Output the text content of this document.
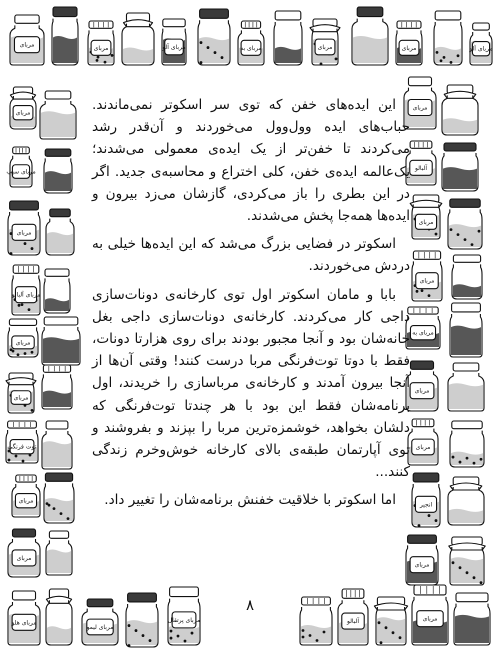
مربای	مربای	مربای آلو	مربای به	مربای	مربای	مربای آلو
مربای
مربای سیب
مربای
مربای آلبالو
مربای
مربای
توت فرنگی
مربای
مربای
مربای
آلبالو
مربای
مربای
مربای به
مربای
مربای
انجیر
مربای
مربای هلو
مربای لیمو
مربای پرتقال	آلبالو	مربای

این ایده‌های خفن که توی سر اسکوتر نمی‌ماندند. حباب‌های ایده وول‌وول می‌خوردند و آن‌قدر رشد می‌کردند تا خفن‌تر از یک ایده‌ی معمولی می‌شدند؛ یک‌عالمه ایده‌ی خفن، کلی اختراع و محاسبه‌ی جدید. اگر در این بطری را باز می‌کردی، گازشان می‌زد بیرون و ایده‌ها همه‌جا پخش می‌شدند.

اسکوتر در فضایی بزرگ می‌شد که این ایده‌ها خیلی به دردش می‌خوردند.

بابا و مامان اسکوتر اول توی کارخانه‌ی دونات‌سازی داجی کار می‌کردند. کارخانه‌ی دونات‌سازی داجی بغل خانه‌شان بود و آنجا مجبور بودند برای روی هزارتا دونات، فقط با دوتا توت‌فرنگی مربا درست کنند! وقتی آن‌ها از آنجا بیرون آمدند و کارخانه‌ی مرباسازی را خریدند، اول برنامه‌شان فقط این بود با هر چندتا توت‌فرنگی که دلشان بخواهد، خوشمزه‌ترین مربا را بپزند و بفروشند و توی آپارتمان طبقه‌ی بالای کارخانه خوش‌وخرم زندگی کنند...

اما اسکوتر با خلاقیت خفنش برنامه‌شان را تغییر داد.

۸
